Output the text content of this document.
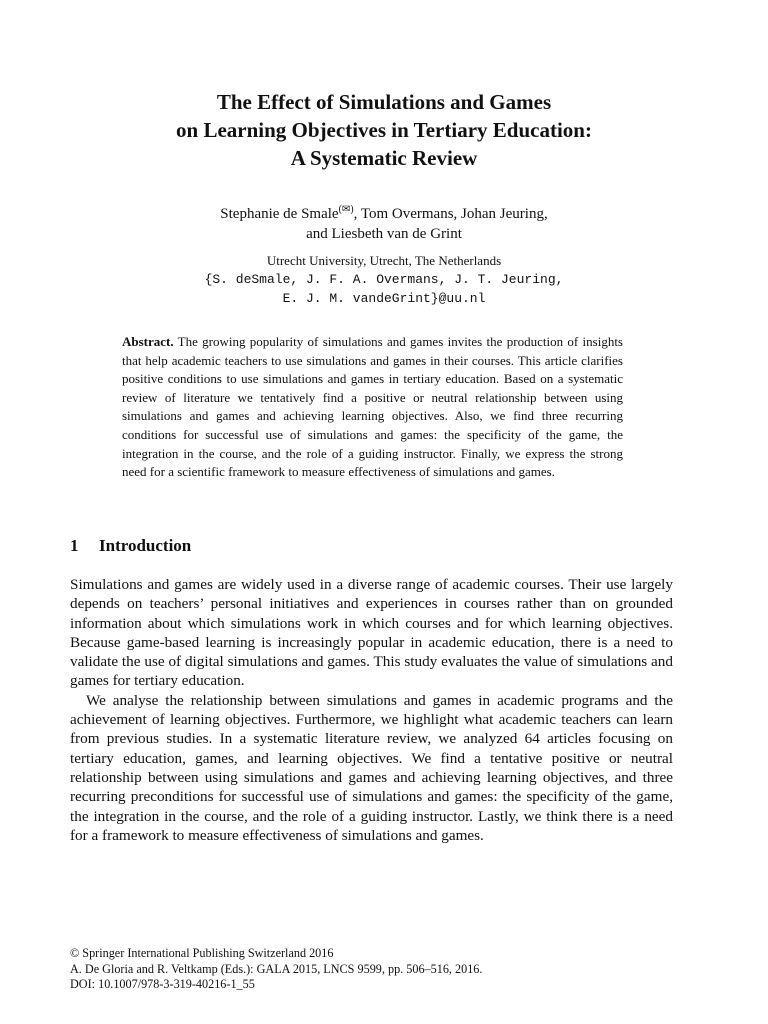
The Effect of Simulations and Games
on Learning Objectives in Tertiary Education:
A Systematic Review
Stephanie de Smale(✉), Tom Overmans, Johan Jeuring,
and Liesbeth van de Grint
Utrecht University, Utrecht, The Netherlands
{S. deSmale, J. F. A. Overmans, J. T. Jeuring,
E. J. M. vandeGrint}@uu.nl
Abstract. The growing popularity of simulations and games invites the production of insights that help academic teachers to use simulations and games in their courses. This article clarifies positive conditions to use simulations and games in tertiary education. Based on a systematic review of literature we tentatively find a positive or neutral relationship between using simulations and games and achieving learning objectives. Also, we find three recurring conditions for successful use of simulations and games: the specificity of the game, the integration in the course, and the role of a guiding instructor. Finally, we express the strong need for a scientific framework to measure effectiveness of simulations and games.
1 Introduction

Simulations and games are widely used in a diverse range of academic courses. Their use largely depends on teachers’ personal initiatives and experiences in courses rather than on grounded information about which simulations work in which courses and for which learning objectives. Because game-based learning is increasingly popular in academic education, there is a need to validate the use of digital simulations and games. This study evaluates the value of simulations and games for tertiary education.

We analyse the relationship between simulations and games in academic programs and the achievement of learning objectives. Furthermore, we highlight what academic teachers can learn from previous studies. In a systematic literature review, we analyzed 64 articles focusing on tertiary education, games, and learning objectives. We find a tentative positive or neutral relationship between using simulations and games and achieving learning objectives, and three recurring preconditions for successful use of simulations and games: the specificity of the game, the integration in the course, and the role of a guiding instructor. Lastly, we think there is a need for a framework to measure effectiveness of simulations and games.

© Springer International Publishing Switzerland 2016
A. De Gloria and R. Veltkamp (Eds.): GALA 2015, LNCS 9599, pp. 506–516, 2016.
DOI: 10.1007/978-3-319-40216-1_55
